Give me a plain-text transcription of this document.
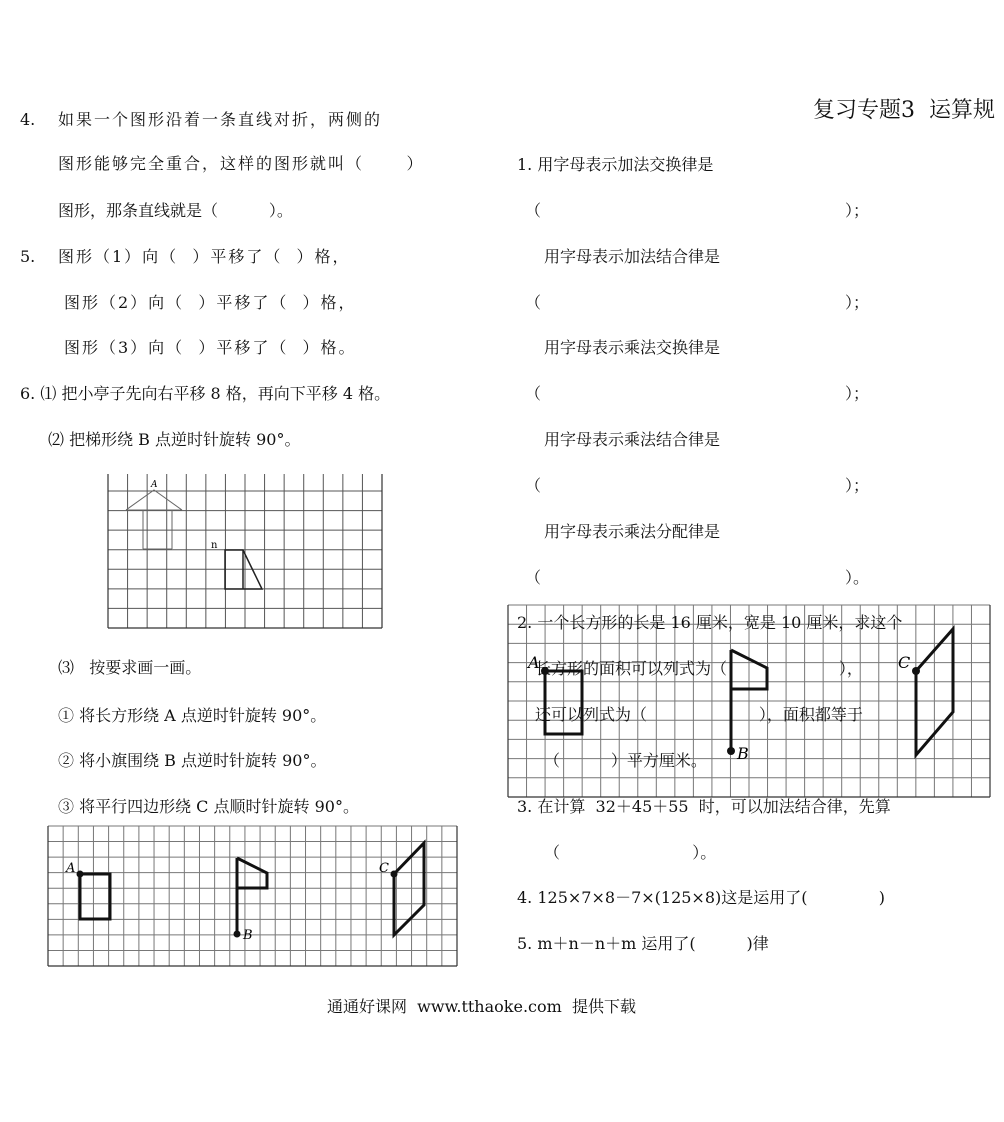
复习专题3  运算规
4. 如果一个图形沿着一条直线对折，两侧的
图形能够完全重合，这样的图形就叫（      ）
图形，那条直线就是（          ）。
5. 图形（1）向（  ）平移了（  ）格，
图形（2）向（  ）平移了（  ）格，
图形（3）向（  ）平移了（  ）格。
6. ⑴ 把小亭子先向右平移 8 格，再向下平移 4 格。
⑵ 把梯形绕 B 点逆时针旋转 90°。
A
n
⑶   按要求画一画。
① 将长方形绕 A 点逆时针旋转 90°。
② 将小旗围绕 B 点逆时针旋转 90°。
③ 将平行四边形绕 C 点顺时针旋转 90°。
A
B
C
1. 用字母表示加法交换律是
（	）；
用字母表示加法结合律是
（	）；
用字母表示乘法交换律是
（	）；
用字母表示乘法结合律是
（	）；
用字母表示乘法分配律是
（	）。
A
B
C
2. 一个长方形的长是 16 厘米，宽是 10 厘米，求这个
长方形的面积可以列式为（                      ），
还可以列式为（                      ），面积都等于
（          ）平方厘米。
3. 在计算  32＋45＋55  时，可以加法结合律，先算
（                          ）。
4. 125×7×8－7×(125×8)这是运用了(              )
5. m＋n－n＋m 运用了(          )律
通通好课网  www.tthaoke.com  提供下载
